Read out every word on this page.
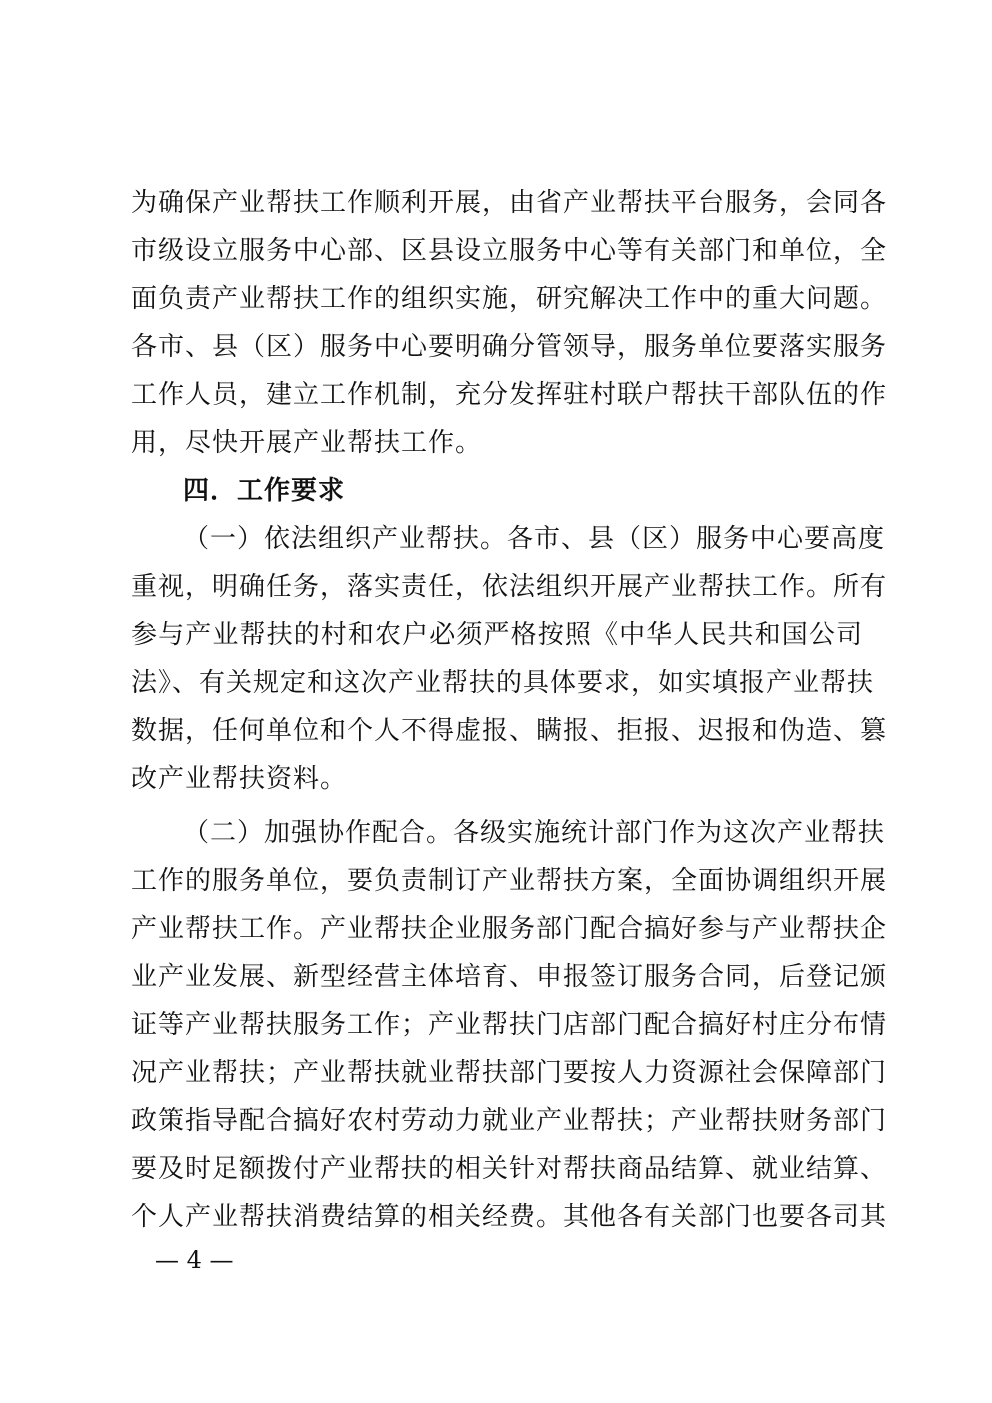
为确保产业帮扶工作顺利开展，由省产业帮扶平台服务，会同各
市级设立服务中心部、区县设立服务中心等有关部门和单位，全
面负责产业帮扶工作的组织实施，研究解决工作中的重大问题。
各市、县（区）服务中心要明确分管领导，服务单位要落实服务
工作人员，建立工作机制，充分发挥驻村联户帮扶干部队伍的作
用，尽快开展产业帮扶工作。
四．工作要求
（一）依法组织产业帮扶。各市、县（区）服务中心要高度
重视，明确任务，落实责任，依法组织开展产业帮扶工作。所有
参与产业帮扶的村和农户必须严格按照《中华人民共和国公司
法》、有关规定和这次产业帮扶的具体要求，如实填报产业帮扶
数据，任何单位和个人不得虚报、瞒报、拒报、迟报和伪造、篡
改产业帮扶资料。
（二）加强协作配合。各级实施统计部门作为这次产业帮扶
工作的服务单位，要负责制订产业帮扶方案，全面协调组织开展
产业帮扶工作。产业帮扶企业服务部门配合搞好参与产业帮扶企
业产业发展、新型经营主体培育、申报签订服务合同，后登记颁
证等产业帮扶服务工作；产业帮扶门店部门配合搞好村庄分布情
况产业帮扶；产业帮扶就业帮扶部门要按人力资源社会保障部门
政策指导配合搞好农村劳动力就业产业帮扶；产业帮扶财务部门
要及时足额拨付产业帮扶的相关针对帮扶商品结算、就业结算、
个人产业帮扶消费结算的相关经费。其他各有关部门也要各司其
— 4 —
